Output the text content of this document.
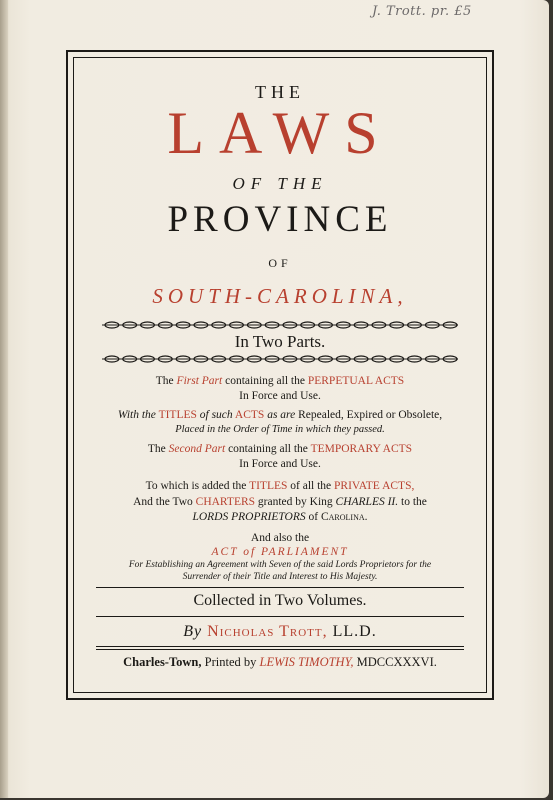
J. Trott. pr. £5
THE
LAWS
OF THE
PROVINCE
OF
SOUTH-CAROLINA,
In Two Parts.
The First Part containing all the PERPETUAL ACTS
In Force and Use.
With the TITLES of such ACTS as are Repealed, Expired or Obsolete,
Placed in the Order of Time in which they passed.
The Second Part containing all the TEMPORARY ACTS
In Force and Use.
To which is added the TITLES of all the PRIVATE ACTS,
And the Two CHARTERS granted by King CHARLES II. to the
LORDS PROPRIETORS of Carolina.
And also the
ACT of PARLIAMENT
For Establishing an Agreement with Seven of the said Lords Proprietors for the
Surrender of their Title and Interest to His Majesty.
Collected in Two Volumes.
By Nicholas Trott, LL.D.
Charles-Town, Printed by LEWIS TIMOTHY, MDCCXXXVI.
